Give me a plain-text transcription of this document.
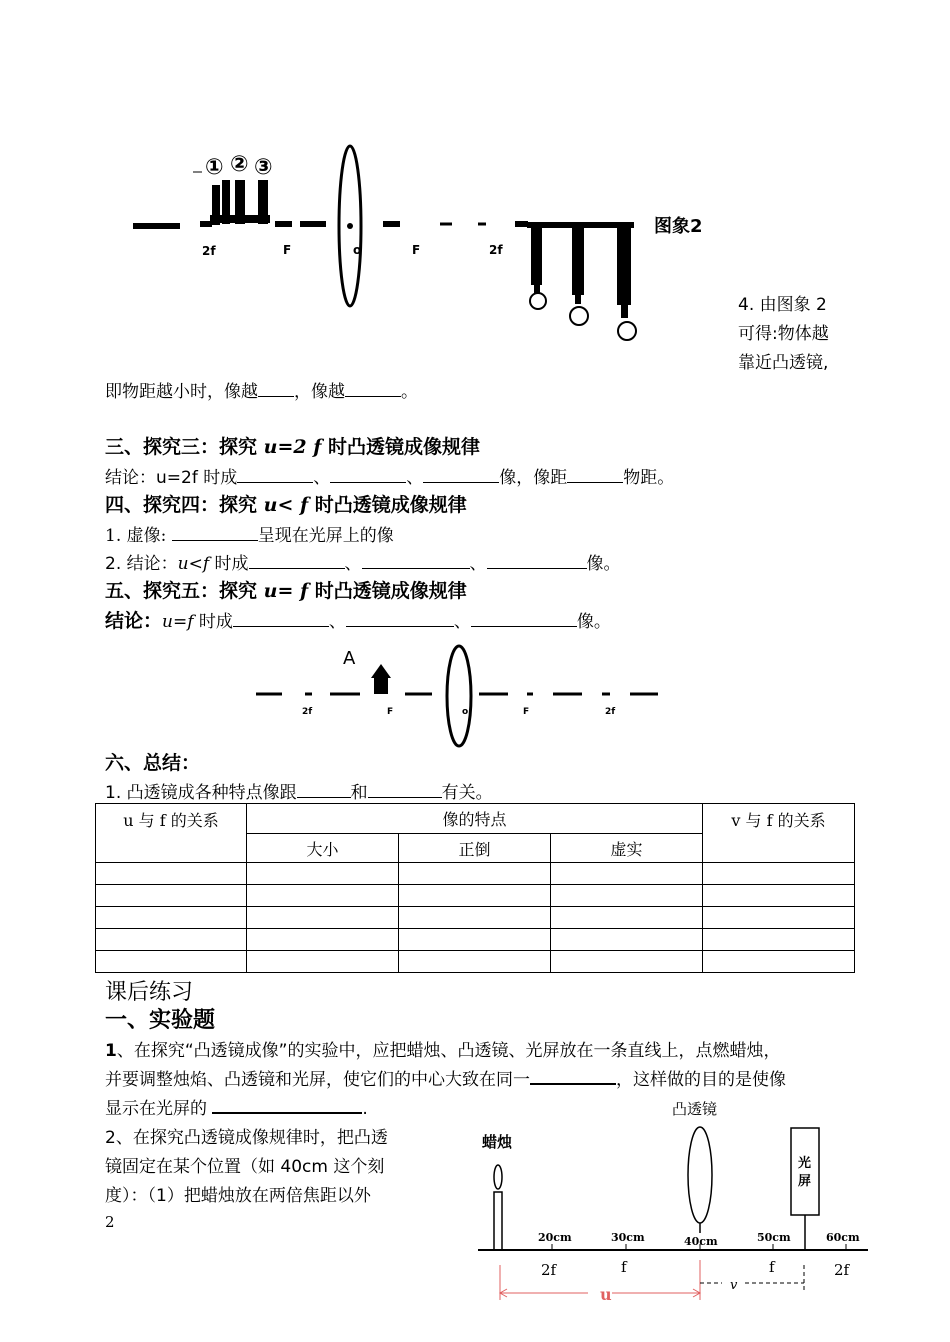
① ② ③
2f	F	o	F	2f
图象2
4. 由图象 2
可得:物体越
靠近凸透镜,
即物距越小时，像越 ，像越	。
三、探究三：探究 u=2 f 时凸透镜成像规律
结论：u=2f 时成	、	、	像，像距	物距。
四、探究四：探究 u< f 时凸透镜成像规律
1. 虚像:	呈现在光屏上的像
2. 结论：u<f 时成	、	、	像。
五、探究五：探究 u= f 时凸透镜成像规律
结论：u=f 时成	、	、	像。
A
2f	F	o	F	2f
六、总结：
1. 凸透镜成各种特点像跟	和	有关。
u 与 f 的关系	像的特点			v 与 f 的关系
	大小	正倒	虚实	

课后练习
一、实验题
1、在探究“凸透镜成像”的实验中，应把蜡烛、凸透镜、光屏放在一条直线上，点燃蜡烛，
并要调整烛焰、凸透镜和光屏，使它们的中心大致在同一	，这样做的目的是使像
显示在光屏的	.
2、在探究凸透镜成像规律时，把凸透
镜固定在某个位置（如 40cm 这个刻
度）：（1）把蜡烛放在两倍焦距以外
2
凸透镜
蜡烛
光
屏
20cm	30cm	40cm	50cm	60cm
2f	f	f	2f
u	v
